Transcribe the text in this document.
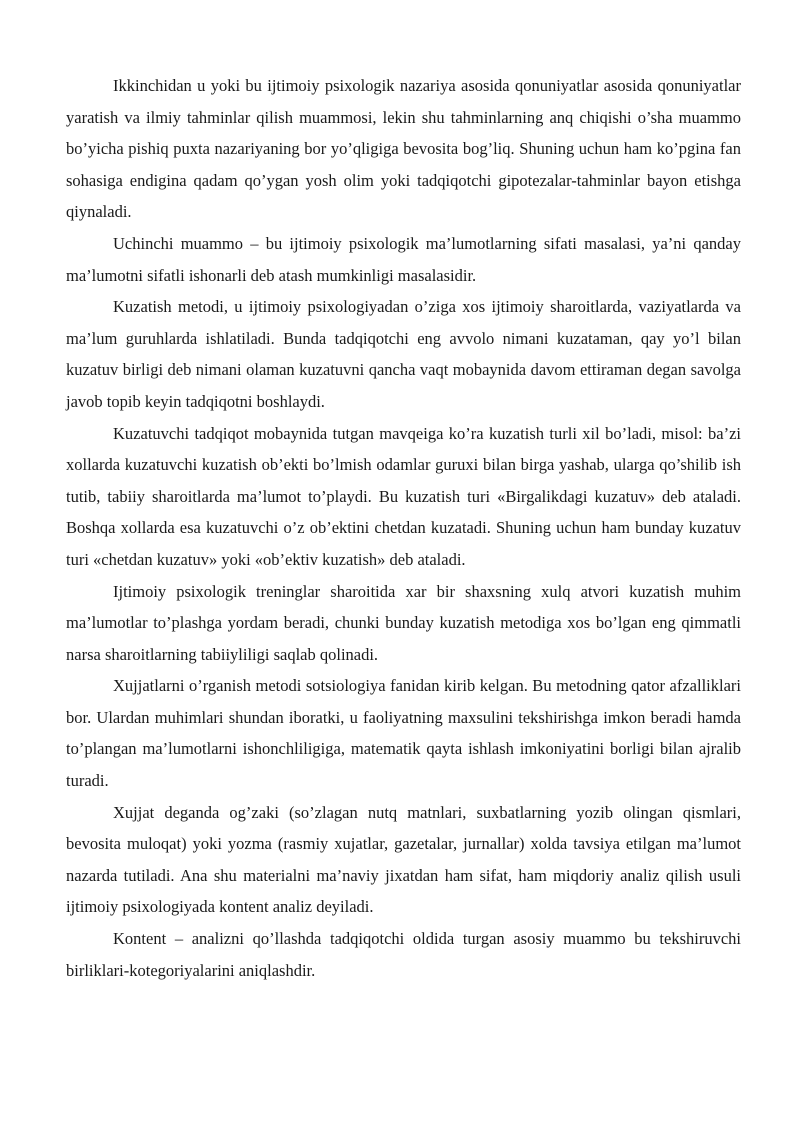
Ikkinchidan u yoki bu ijtimoiy psixologik nazariya asosida qonuniyatlar asosida qonuniyatlar yaratish va ilmiy tahminlar qilish muammosi, lekin shu tahminlarning anq chiqishi o’sha muammo bo’yicha pishiq puxta nazariyaning bor yo’qligiga bevosita bog’liq. Shuning uchun ham ko’pgina fan sohasiga endigina qadam qo’ygan yosh olim yoki tadqiqotchi gipotezalar-tahminlar bayon etishga qiynaladi.

Uchinchi muammo – bu ijtimoiy psixologik ma’lumotlarning sifati masalasi, ya’ni qanday ma’lumotni sifatli ishonarli deb atash mumkinligi masalasidir.

Kuzatish metodi, u ijtimoiy psixologiyadan o’ziga xos ijtimoiy sharoitlarda, vaziyatlarda va ma’lum guruhlarda ishlatiladi. Bunda tadqiqotchi eng avvolo nimani kuzataman, qay yo’l bilan kuzatuv birligi deb nimani olaman kuzatuvni qancha vaqt mobaynida davom ettiraman degan savolga javob topib keyin tadqiqotni boshlaydi.

Kuzatuvchi tadqiqot mobaynida tutgan mavqeiga ko’ra kuzatish turli xil bo’ladi, misol: ba’zi xollarda kuzatuvchi kuzatish ob’ekti bo’lmish odamlar guruxi bilan birga yashab, ularga qo’shilib ish tutib, tabiiy sharoitlarda ma’lumot to’playdi. Bu kuzatish turi «Birgalikdagi kuzatuv» deb ataladi. Boshqa xollarda esa kuzatuvchi o’z ob’ektini chetdan kuzatadi. Shuning uchun ham bunday kuzatuv turi «chetdan kuzatuv» yoki «ob’ektiv kuzatish» deb ataladi.

Ijtimoiy psixologik treninglar sharoitida xar bir shaxsning xulq atvori kuzatish muhim ma’lumotlar to’plashga yordam beradi, chunki bunday kuzatish metodiga xos bo’lgan eng qimmatli narsa sharoitlarning tabiiyliligi saqlab qolinadi.

Xujjatlarni o’rganish metodi sotsiologiya fanidan kirib kelgan. Bu metodning qator afzalliklari bor. Ulardan muhimlari shundan iboratki, u faoliyatning maxsulini tekshirishga imkon beradi hamda to’plangan ma’lumotlarni ishonchliligiga, matematik qayta ishlash imkoniyatini borligi bilan ajralib turadi.

Xujjat deganda og’zaki (so’zlagan nutq matnlari, suxbatlarning yozib olingan qismlari, bevosita muloqat) yoki yozma (rasmiy xujatlar, gazetalar, jurnallar) xolda tavsiya etilgan ma’lumot nazarda tutiladi. Ana shu materialni ma’naviy jixatdan ham sifat, ham miqdoriy analiz qilish usuli ijtimoiy psixologiyada kontent analiz deyiladi.

Kontent – analizni qo’llashda tadqiqotchi oldida turgan asosiy muammo bu tekshiruvchi birliklari-kotegoriyalarini aniqlashdir.
